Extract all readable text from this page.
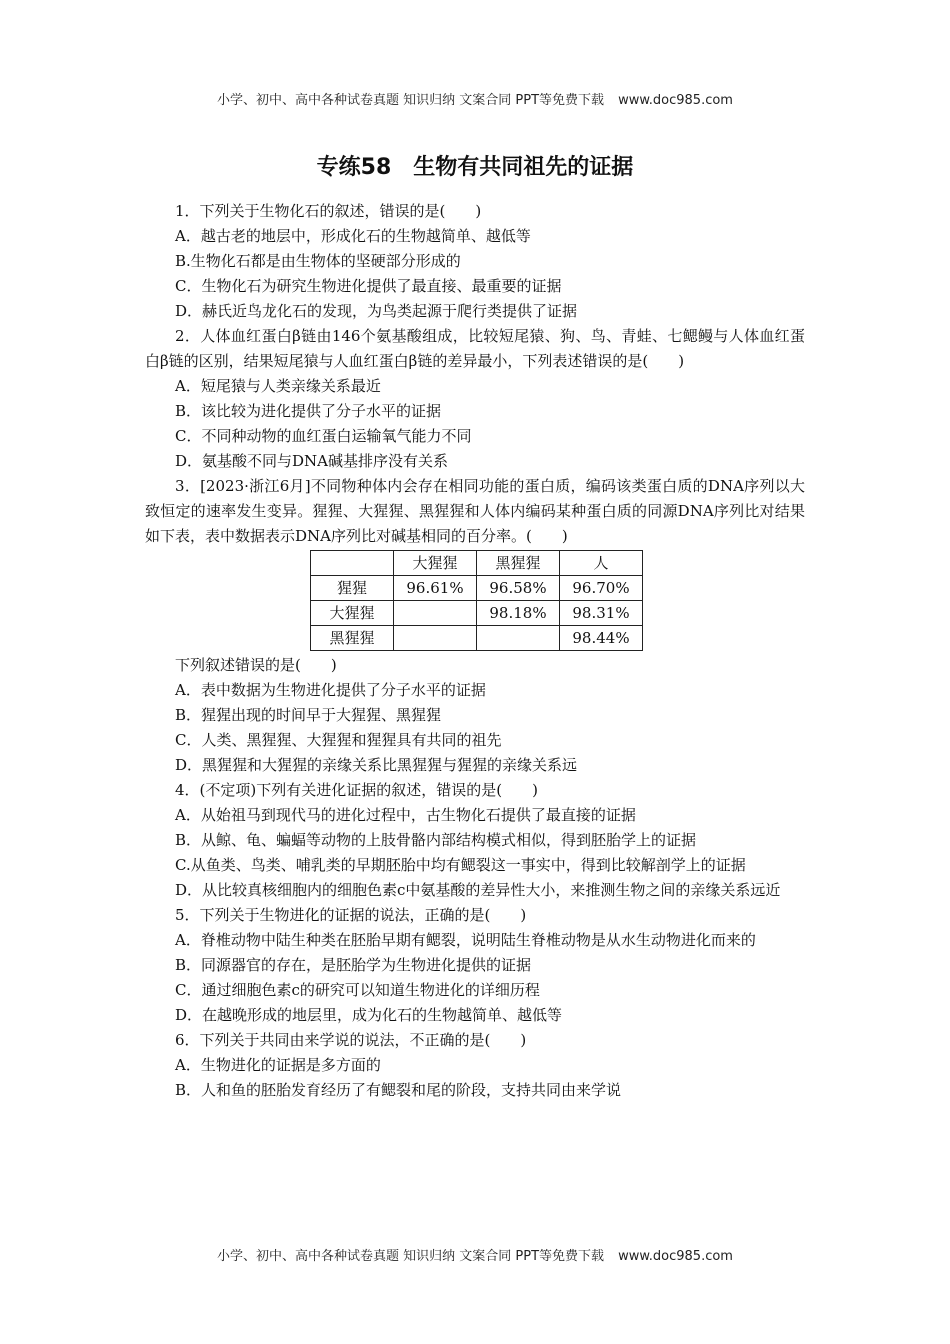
小学、初中、高中各种试卷真题 知识归纳 文案合同 PPT等免费下载 www.doc985.com
专练58 生物有共同祖先的证据

1．下列关于生物化石的叙述，错误的是(　　)

A．越古老的地层中，形成化石的生物越简单、越低等

B.生物化石都是由生物体的坚硬部分形成的

C．生物化石为研究生物进化提供了最直接、最重要的证据

D．赫氏近鸟龙化石的发现，为鸟类起源于爬行类提供了证据

2．人体血红蛋白β链由146个氨基酸组成，比较短尾猿、狗、鸟、青蛙、七鳃鳗与人体血红蛋白β链的区别，结果短尾猿与人血红蛋白β链的差异最小，下列表述错误的是(　　)

A．短尾猿与人类亲缘关系最近

B．该比较为进化提供了分子水平的证据

C．不同种动物的血红蛋白运输氧气能力不同

D．氨基酸不同与DNA碱基排序没有关系

3．[2023·浙江6月]不同物种体内会存在相同功能的蛋白质，编码该类蛋白质的DNA序列以大致恒定的速率发生变异。猩猩、大猩猩、黑猩猩和人体内编码某种蛋白质的同源DNA序列比对结果如下表，表中数据表示DNA序列比对碱基相同的百分率。(　　)

	大猩猩	黑猩猩	人
猩猩	96.61%	96.58%	96.70%
大猩猩		98.18%	98.31%
黑猩猩			98.44%

下列叙述错误的是(　　)

A．表中数据为生物进化提供了分子水平的证据

B．猩猩出现的时间早于大猩猩、黑猩猩

C．人类、黑猩猩、大猩猩和猩猩具有共同的祖先

D．黑猩猩和大猩猩的亲缘关系比黑猩猩与猩猩的亲缘关系远

4．(不定项)下列有关进化证据的叙述，错误的是(　　)

A．从始祖马到现代马的进化过程中，古生物化石提供了最直接的证据

B．从鲸、龟、蝙蝠等动物的上肢骨骼内部结构模式相似，得到胚胎学上的证据

C.从鱼类、鸟类、哺乳类的早期胚胎中均有鳃裂这一事实中，得到比较解剖学上的证据

D．从比较真核细胞内的细胞色素c中氨基酸的差异性大小，来推测生物之间的亲缘关系远近

5．下列关于生物进化的证据的说法，正确的是(　　)

A．脊椎动物中陆生种类在胚胎早期有鳃裂，说明陆生脊椎动物是从水生动物进化而来的

B．同源器官的存在，是胚胎学为生物进化提供的证据

C．通过细胞色素c的研究可以知道生物进化的详细历程

D．在越晚形成的地层里，成为化石的生物越简单、越低等

6．下列关于共同由来学说的说法，不正确的是(　　)

A．生物进化的证据是多方面的

B．人和鱼的胚胎发育经历了有鳃裂和尾的阶段，支持共同由来学说

小学、初中、高中各种试卷真题 知识归纳 文案合同 PPT等免费下载 www.doc985.com
